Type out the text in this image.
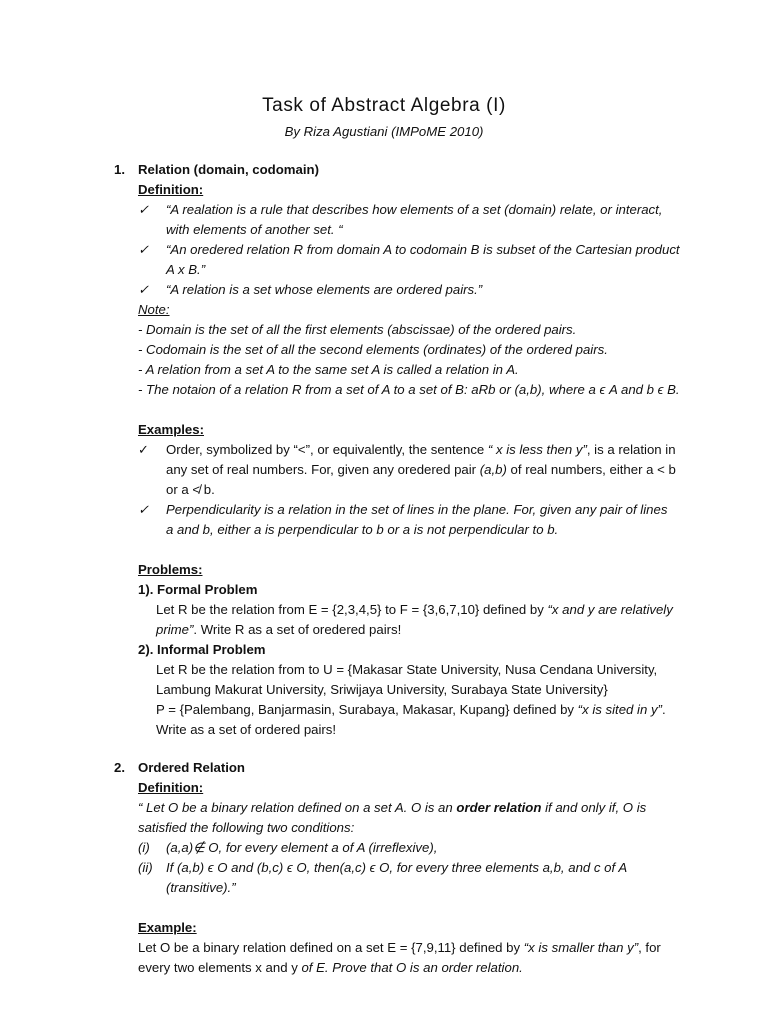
Task of Abstract Algebra (I)
By Riza Agustiani (IMPoME 2010)
1. Relation (domain, codomain)
Definition:
✓ “A realation is a rule that describes how elements of a set (domain) relate, or interact,
with elements of another set. “
✓ “An oredered relation R from domain A to codomain B is subset of the Cartesian product
A x B.”
✓ “A relation is a set whose elements are ordered pairs.”
Note:
- Domain is the set of all the first elements (abscissae) of the ordered pairs.
- Codomain is the set of all the second elements (ordinates) of the ordered pairs.
- A relation from a set A to the same set A is called a relation in A.
- The notaion of a relation R from a set of A to a set of B: aRb or (a,b), where a ϵ A and b ϵ B.
Examples:
✓ Order, symbolized by “<”, or equivalently, the sentence “ x is less then y”, is a relation in
any set of real numbers. For, given any oredered pair (a,b) of real numbers, either a < b
or a ≮ b.
✓ Perpendicularity is a relation in the set of lines in the plane. For, given any pair of lines
a and b, either a is perpendicular to b or a is not perpendicular to b.
Problems:
1). Formal Problem
Let R be the relation from E = {2,3,4,5} to F = {3,6,7,10} defined by “x and y are relatively
prime”. Write R as a set of oredered pairs!
2). Informal Problem
Let R be the relation from to U = {Makasar State University, Nusa Cendana University,
Lambung Makurat University, Sriwijaya University, Surabaya State University}
P = {Palembang, Banjarmasin, Surabaya, Makasar, Kupang} defined by “x is sited in y”.
Write as a set of ordered pairs!
2. Ordered Relation
Definition:
“ Let O be a binary relation defined on a set A. O is an order relation if and only if, O is
satisfied the following two conditions:
(i) (a,a)∉ O, for every element a of A (irreflexive),
(ii) If (a,b) ϵ O and (b,c) ϵ O, then(a,c) ϵ O, for every three elements a,b, and c of A
(transitive).”
Example:
Let O be a binary relation defined on a set E = {7,9,11} defined by “x is smaller than y”, for
every two elements x and y of E. Prove that O is an order relation.
